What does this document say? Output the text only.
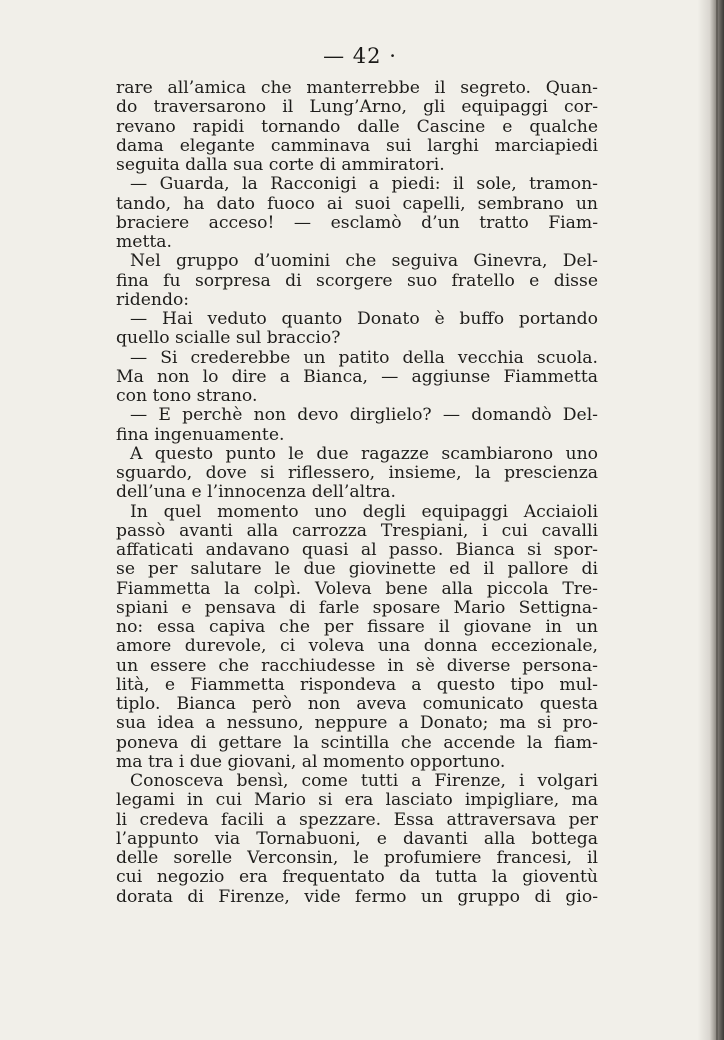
— 42 ·
rare all’amica che manterrebbe il segreto. Quan-
do traversarono il Lung’Arno, gli equipaggi cor-
revano rapidi tornando dalle Cascine e qualche
dama elegante camminava sui larghi marciapiedi
seguita dalla sua corte di ammiratori.
— Guarda, la Racconigi a piedi: il sole, tramon-
tando, ha dato fuoco ai suoi capelli, sembrano un
braciere acceso! — esclamò d’un tratto Fiam-
metta.
Nel gruppo d’uomini che seguiva Ginevra, Del-
fina fu sorpresa di scorgere suo fratello e disse
ridendo:
— Hai veduto quanto Donato è buffo portando
quello scialle sul braccio?
— Si crederebbe un patito della vecchia scuola.
Ma non lo dire a Bianca, — aggiunse Fiammetta
con tono strano.
— E perchè non devo dirglielo? — domandò Del-
fina ingenuamente.
A questo punto le due ragazze scambiarono uno
sguardo, dove si riflessero, insieme, la prescienza
dell’una e l’innocenza dell’altra.
In quel momento uno degli equipaggi Acciaioli
passò avanti alla carrozza Trespiani, i cui cavalli
affaticati andavano quasi al passo. Bianca si spor-
se per salutare le due giovinette ed il pallore di
Fiammetta la colpì. Voleva bene alla piccola Tre-
spiani e pensava di farle sposare Mario Settigna-
no: essa capiva che per fissare il giovane in un
amore durevole, ci voleva una donna eccezionale,
un essere che racchiudesse in sè diverse persona-
lità, e Fiammetta rispondeva a questo tipo mul-
tiplo. Bianca però non aveva comunicato questa
sua idea a nessuno, neppure a Donato; ma si pro-
poneva di gettare la scintilla che accende la fiam-
ma tra i due giovani, al momento opportuno.
Conosceva bensì, come tutti a Firenze, i volgari
legami in cui Mario si era lasciato impigliare, ma
li credeva facili a spezzare. Essa attraversava per
l’appunto via Tornabuoni, e davanti alla bottega
delle sorelle Verconsin, le profumiere francesi, il
cui negozio era frequentato da tutta la gioventù
dorata di Firenze, vide fermo un gruppo di gio-
